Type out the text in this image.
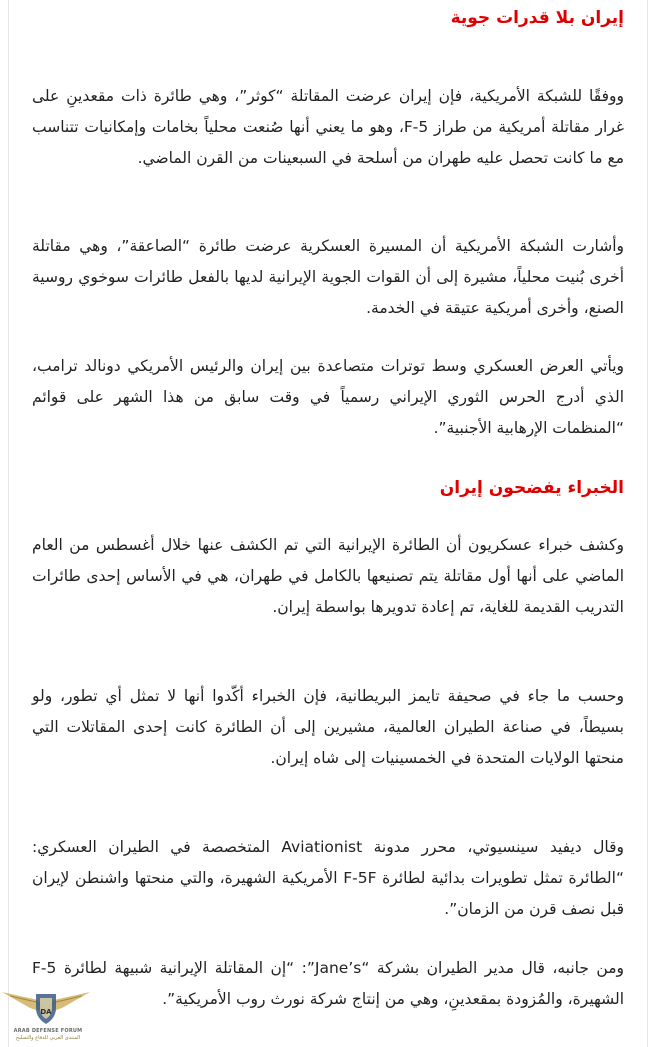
إيران بلا قدرات جوية

ووفقًا للشبكة الأمريكية، فإن إيران عرضت المقاتلة “كوثر”، وهي طائرة ذات مقعدينِ على غرار مقاتلة أمريكية من طراز F-5، وهو ما يعني أنها صُنعت محلياً بخامات وإمكانيات تتناسب مع ما كانت تحصل عليه طهران من أسلحة في السبعينات من القرن الماضي.

وأشارت الشبكة الأمريكية أن المسيرة العسكرية عرضت طائرة “الصاعقة”، وهي مقاتلة أخرى بُنيت محلياً، مشيرة إلى أن القوات الجوية الإيرانية لديها بالفعل طائرات سوخوي روسية الصنع، وأخرى أمريكية عتيقة في الخدمة.

ويأتي العرض العسكري وسط توترات متصاعدة بين إيران والرئيس الأمريكي دونالد ترامب، الذي أدرج الحرس الثوري الإيراني رسمياً في وقت سابق من هذا الشهر على قوائم “المنظمات الإرهابية الأجنبية”.

الخبراء يفضحون إيران

وكشف خبراء عسكريون أن الطائرة الإيرانية التي تم الكشف عنها خلال أغسطس من العام الماضي على أنها أول مقاتلة يتم تصنيعها بالكامل في طهران، هي في الأساس إحدى طائرات التدريب القديمة للغاية، تم إعادة تدويرها بواسطة إيران.

وحسب ما جاء في صحيفة تايمز البريطانية، فإن الخبراء أكّدوا أنها لا تمثل أي تطور، ولو بسيطاً، في صناعة الطيران العالمية، مشيرين إلى أن الطائرة كانت إحدى المقاتلات التي منحتها الولايات المتحدة في الخمسينيات إلى شاه إيران.

وقال ديفيد سينسيوتي، محرر مدونة Aviationist المتخصصة في الطيران العسكري: “الطائرة تمثل تطويرات بدائية لطائرة F-5F الأمريكية الشهيرة، والتي منحتها واشنطن لإيران قبل نصف قرن من الزمان”.

ومن جانبه، قال مدير الطيران بشركة “Jane’s”: “إن المقاتلة الإيرانية شبيهة لطائرة F-5 الشهيرة، والمُزودة بمقعدينِ، وهي من إنتاج شركة نورث روب الأمريكية”.

DA
ARAB DEFENSE FORUM
المنتدى العربي للدفاع والتسليح
